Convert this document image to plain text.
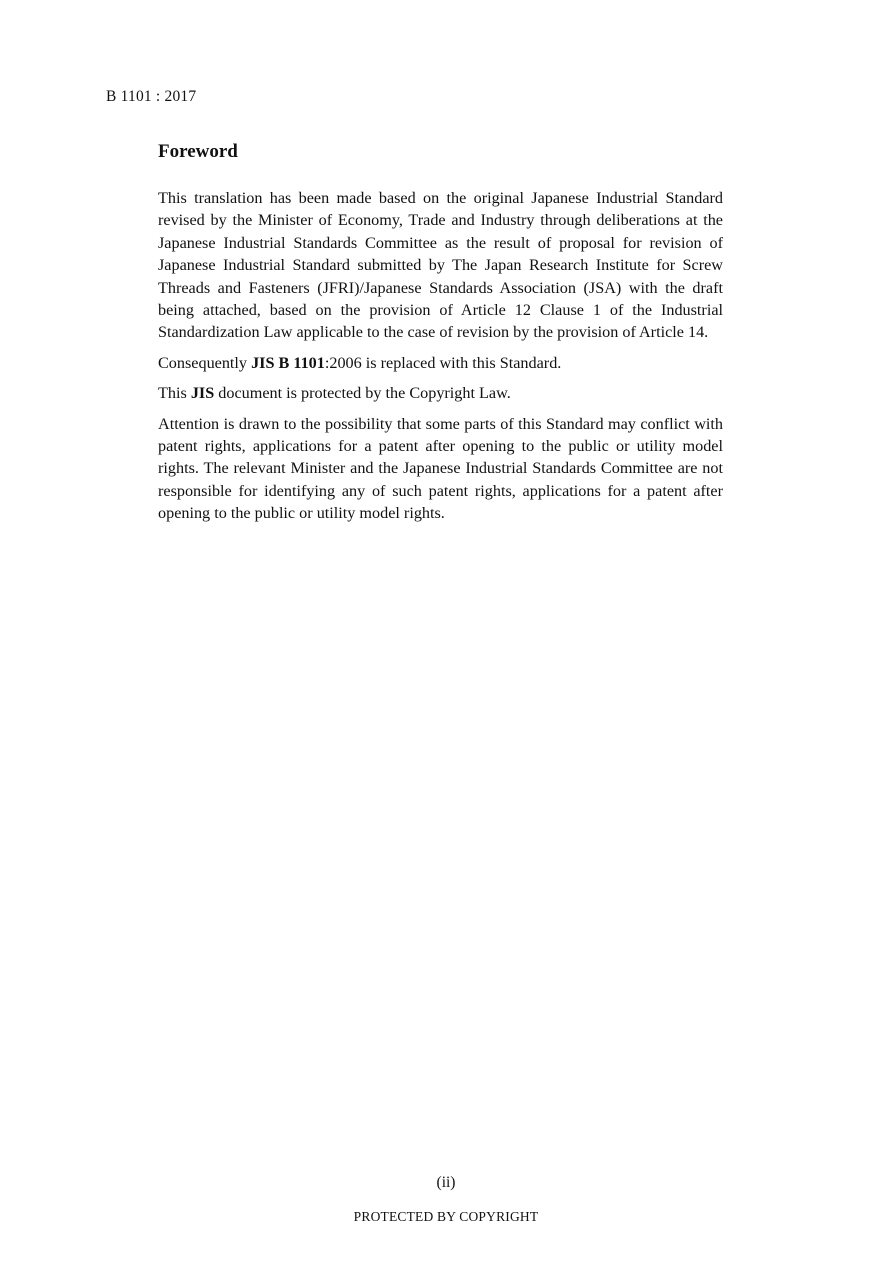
B 1101 : 2017
Foreword

This translation has been made based on the original Japanese Industrial Standard revised by the Minister of Economy, Trade and Industry through deliberations at the Japanese Industrial Standards Committee as the result of proposal for revision of Japanese Industrial Standard submitted by The Japan Research Institute for Screw Threads and Fasteners (JFRI)/Japanese Standards Association (JSA) with the draft being attached, based on the provision of Article 12 Clause 1 of the Industrial Standardization Law applicable to the case of revision by the provision of Article 14.

Consequently JIS B 1101:2006 is replaced with this Standard.

This JIS document is protected by the Copyright Law.

Attention is drawn to the possibility that some parts of this Standard may conflict with patent rights, applications for a patent after opening to the public or utility model rights. The relevant Minister and the Japanese Industrial Standards Committee are not responsible for identifying any of such patent rights, applications for a patent after opening to the public or utility model rights.

(ii)
PROTECTED BY COPYRIGHT
